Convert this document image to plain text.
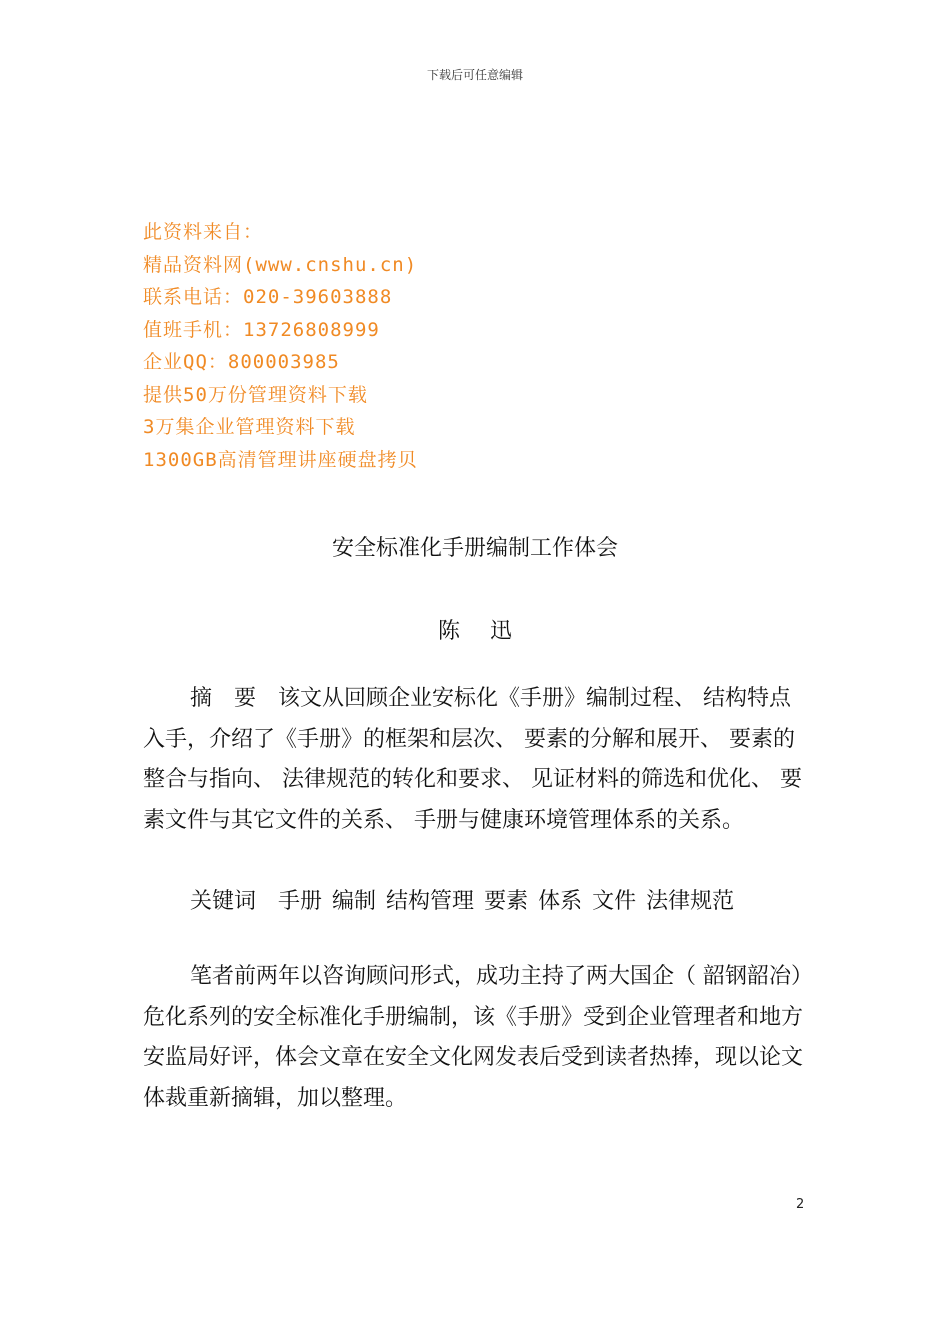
下载后可任意编辑
此资料来自：
精品资料网(www.cnshu.cn)
联系电话：020-39603888
值班手机：13726808999
企业QQ：800003985
提供50万份管理资料下载
3万集企业管理资料下载
1300GB高清管理讲座硬盘拷贝
安全标准化手册编制工作体会
陈迅
摘要该文从回顾企业安标化《手册》编制过程、 结构特点入手，介绍了《手册》的框架和层次、 要素的分解和展开、 要素的整合与指向、 法律规范的转化和要求、 见证材料的筛选和优化、 要素文件与其它文件的关系、 手册与健康环境管理体系的关系。
关键词 手册 编制 结构管理 要素 体系 文件 法律规范
笔者前两年以咨询顾问形式，成功主持了两大国企（ 韶钢韶冶）危化系列的安全标准化手册编制，该《手册》受到企业管理者和地方安监局好评，体会文章在安全文化网发表后受到读者热捧，现以论文体裁重新摘辑，加以整理。
2
